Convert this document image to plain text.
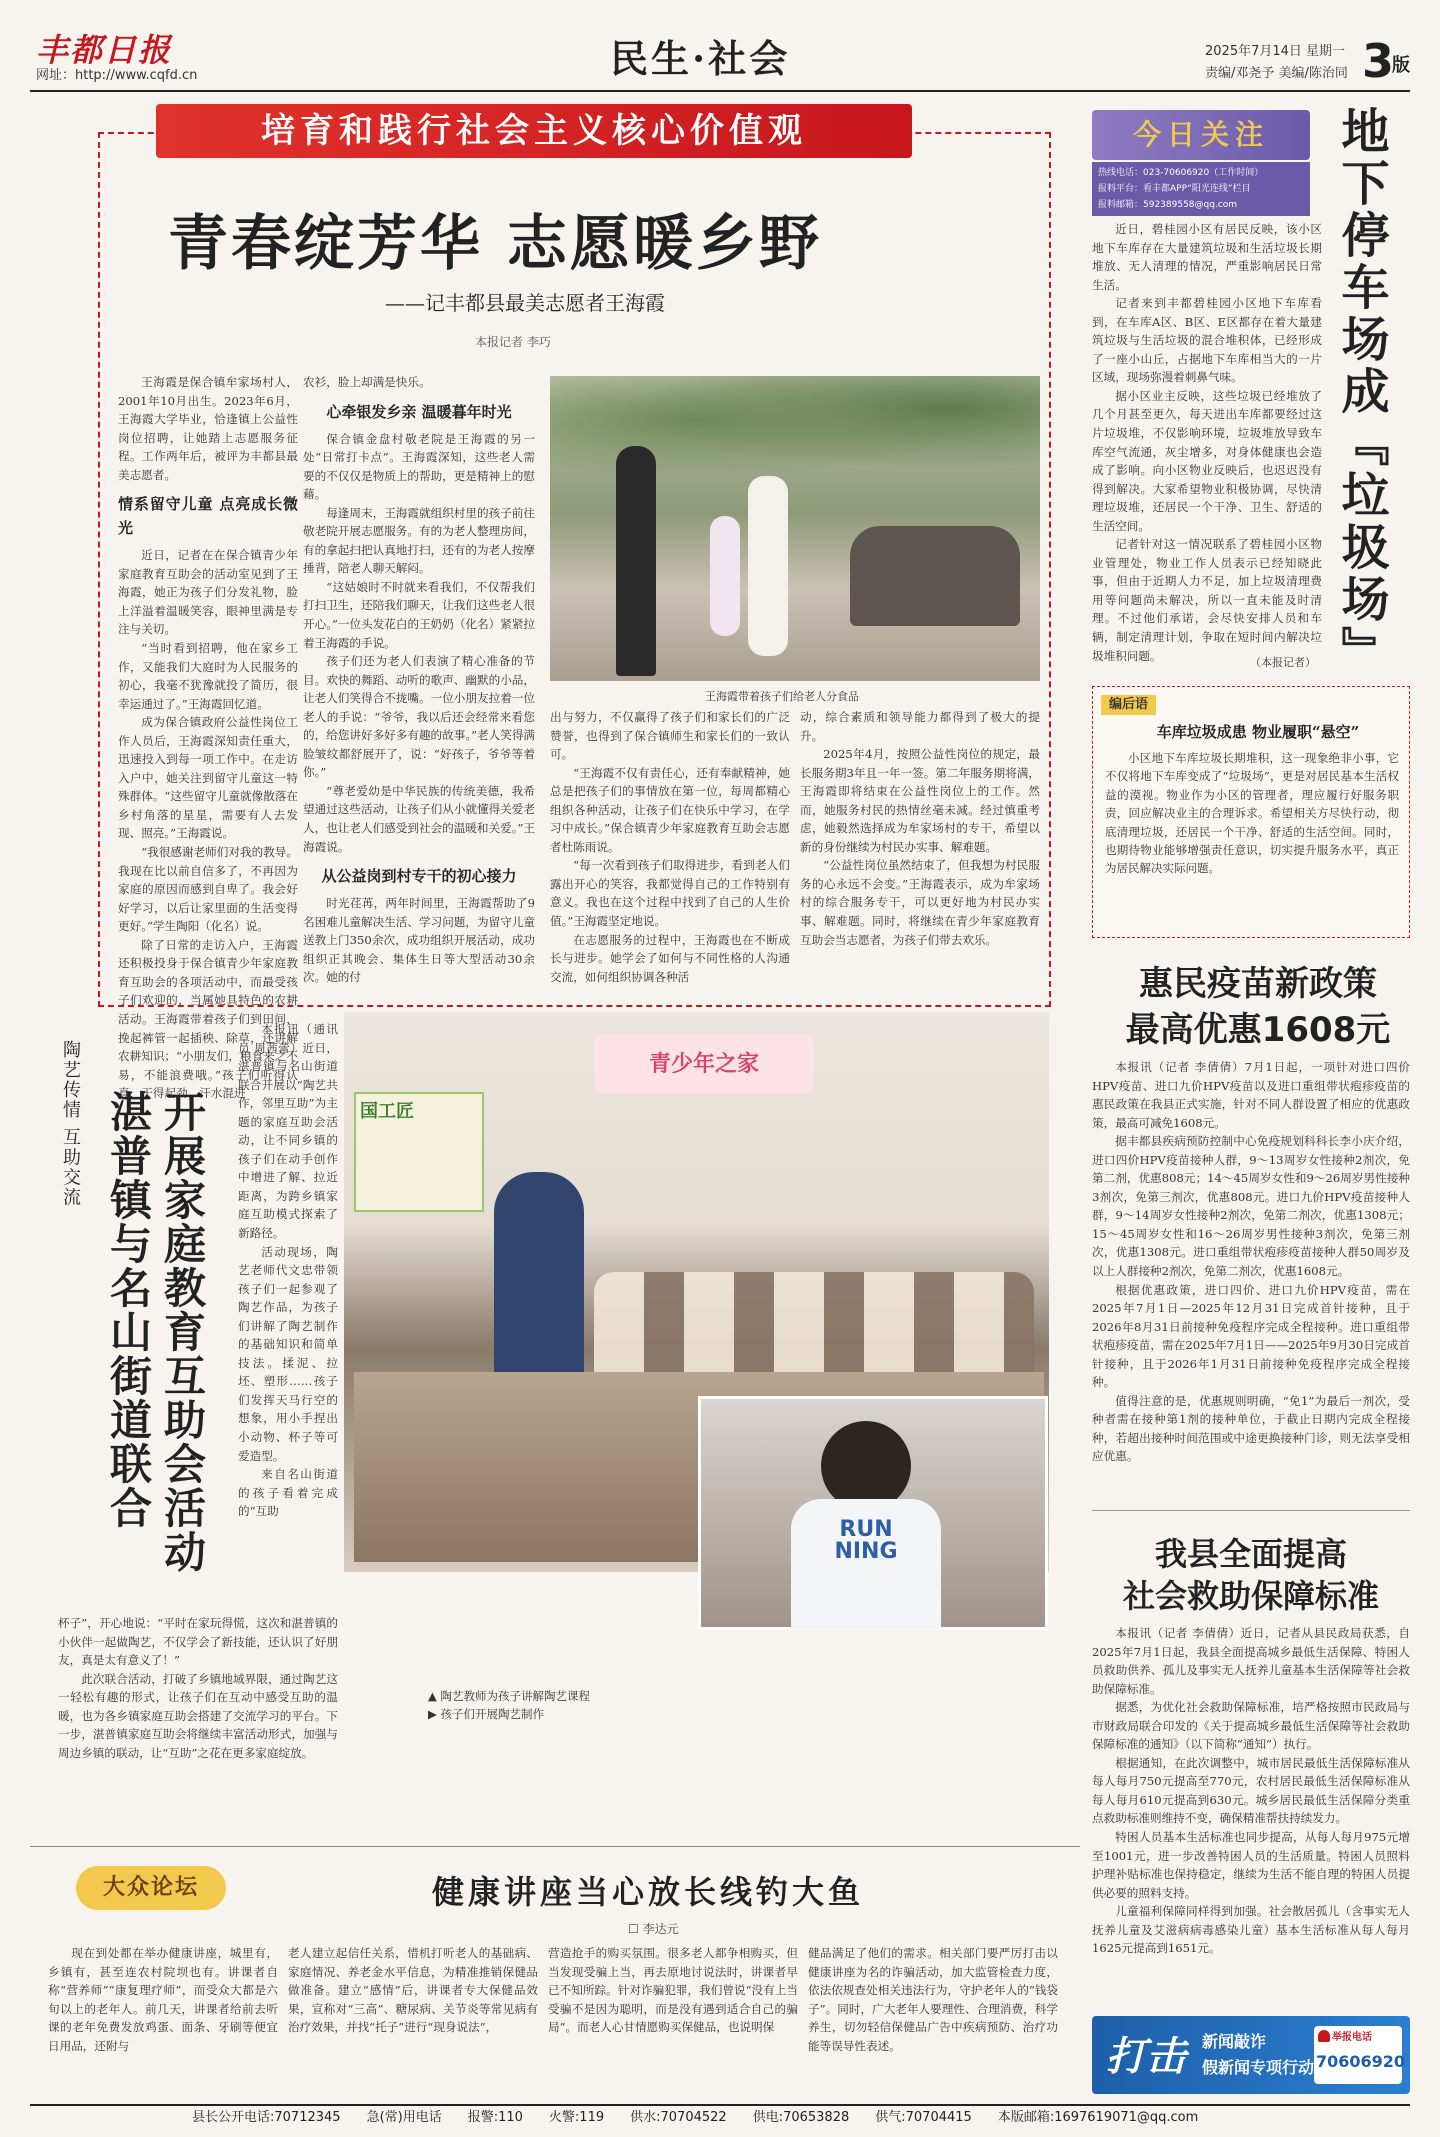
丰都日报
网址：http://www.cqfd.cn	民生·社会	2025年7月14日 星期一
责编/邓尧予 美编/陈治同 3
版
培育和践行社会主义核心价值观
青春绽芳华 志愿暖乡野
——记丰都县最美志愿者王海霞
本报记者 李巧
王海霞带着孩子们给老人分食品

王海霞是保合镇牟家场村人，2001年10月出生。2023年6月，王海霞大学毕业，恰逢镇上公益性岗位招聘，让她踏上志愿服务征程。工作两年后，被评为丰都县最美志愿者。

情系留守儿童 点亮成长微光

近日，记者在在保合镇青少年家庭教育互助会的活动室见到了王海霞，她正为孩子们分发礼物，脸上洋溢着温暖笑容，眼神里满是专注与关切。

“当时看到招聘，他在家乡工作，又能我们大庭时为人民服务的初心，我毫不犹豫就投了简历，很幸运通过了。”王海霞回忆道。

成为保合镇政府公益性岗位工作人员后，王海霞深知责任重大，迅速投入到每一项工作中。在走访入户中，她关注到留守儿童这一特殊群体。“这些留守儿童就像散落在乡村角落的星星，需要有人去发现、照亮。”王海霞说。

“我很感谢老师们对我的教导。我现在比以前自信多了，不再因为家庭的原因而感到自卑了。我会好好学习，以后让家里面的生活变得更好。”学生陶阳（化名）说。

除了日常的走访入户，王海霞还积极投身于保合镇青少年家庭教育互助会的各项活动中，而最受孩子们欢迎的，当属她具特色的农耕活动。王海霞带着孩子们到田间，挽起裤管一起插秧、除草，还讲解农耕知识；“小朋友们，粮食来之不易，不能浪费哦。”孩子们听得认真，干得起劲，汗水混进

农衫，脸上却满是快乐。

心牵银发乡亲 温暖暮年时光

保合镇金盘村敬老院是王海霞的另一处“日常打卡点”。王海霞深知，这些老人需要的不仅仅是物质上的帮助，更是精神上的慰藉。

每逢周末，王海霞就组织村里的孩子前往敬老院开展志愿服务。有的为老人整理房间，有的拿起扫把认真地打扫，还有的为老人按摩捶背，陪老人聊天解闷。

“这姑娘时不时就来看我们，不仅帮我们打扫卫生，还陪我们聊天，让我们这些老人很开心。”一位头发花白的王奶奶（化名）紧紧拉着王海霞的手说。

孩子们还为老人们表演了精心准备的节目。欢快的舞蹈、动听的歌声、幽默的小品，让老人们笑得合不拢嘴。一位小朋友拉着一位老人的手说：“爷爷，我以后还会经常来看您的，给您讲好多好多有趣的故事。”老人笑得满脸皱纹都舒展开了，说：“好孩子，爷爷等着你。”

“尊老爱幼是中华民族的传统美德，我希望通过这些活动，让孩子们从小就懂得关爱老人，也让老人们感受到社会的温暖和关爱。”王海霞说。

从公益岗到村专干的初心接力

时光荏苒，两年时间里，王海霞帮助了9名困难儿童解决生活、学习问题，为留守儿童送教上门350余次，成功组织开展活动，成功组织正其晚会、集体生日等大型活动30余次。她的付

出与努力，不仅赢得了孩子们和家长们的广泛赞誉，也得到了保合镇师生和家长们的一致认可。

“王海霞不仅有责任心，还有奉献精神，她总是把孩子们的事情放在第一位，每周都精心组织各种活动，让孩子们在快乐中学习，在学习中成长。”保合镇青少年家庭教育互助会志愿者杜陈雨说。

“每一次看到孩子们取得进步，看到老人们露出开心的笑容，我都觉得自己的工作特别有意义。我也在这个过程中找到了自己的人生价值。”王海霞坚定地说。

在志愿服务的过程中，王海霞也在不断成长与进步。她学会了如何与不同性格的人沟通交流，如何组织协调各种活

动，综合素质和领导能力都得到了极大的提升。

2025年4月，按照公益性岗位的规定，最长服务期3年且一年一签。第二年服务期将满，王海霞即将结束在公益性岗位上的工作。然而，她服务村民的热情丝毫未减。经过慎重考虑，她毅然选择成为牟家场村的专干，希望以新的身份继续为村民办实事、解难题。

“公益性岗位虽然结束了，但我想为村民服务的心永远不会变。”王海霞表示，成为牟家场村的综合服务专干，可以更好地为村民办实事、解难题。同时，将继续在青少年家庭教育互助会当志愿者，为孩子们带去欢乐。

今日关注
热线电话：023-70606920（工作时间）
报料平台：看丰都APP“阳光连线”栏目
报料邮箱：592389558@qq.com	地下停车场成『垃圾场』

近日，碧桂园小区有居民反映，该小区地下车库存在大量建筑垃圾和生活垃圾长期堆放、无人清理的情况，严重影响居民日常生活。

记者来到丰都碧桂园小区地下车库看到，在车库A区、B区、E区都存在着大量建筑垃圾与生活垃圾的混合堆积体，已经形成了一座小山丘，占据地下车库相当大的一片区域，现场弥漫着刺鼻气味。

据小区业主反映，这些垃圾已经堆放了几个月甚至更久，每天进出车库都要经过这片垃圾堆，不仅影响环境，垃圾堆放导致车库空气流通，灰尘增多，对身体健康也会造成了影响。向小区物业反映后，也迟迟没有得到解决。大家希望物业积极协调，尽快清理垃圾堆，还居民一个干净、卫生、舒适的生活空间。

记者针对这一情况联系了碧桂园小区物业管理处，物业工作人员表示已经知晓此事，但由于近期人力不足，加上垃圾清理费用等问题尚未解决，所以一直未能及时清理。不过他们承诺，会尽快安排人员和车辆，制定清理计划，争取在短时间内解决垃圾堆积问题。	（本报记者）
编后语
车库垃圾成患 物业履职“悬空”

小区地下车库垃圾长期堆积，这一现象绝非小事，它不仅将地下车库变成了“垃圾场”，更是对居民基本生活权益的漠视。物业作为小区的管理者，理应履行好服务职责，回应解决业主的合理诉求。希望相关方尽快行动，彻底清理垃圾，还居民一个干净、舒适的生活空间。同时，也期待物业能够增强责任意识，切实提升服务水平，真正为居民解决实际问题。

惠民疫苗新政策
最高优惠1608元

本报讯（记者 李倩倩）7月1日起，一项针对进口四价HPV疫苗、进口九价HPV疫苗以及进口重组带状疱疹疫苗的惠民政策在我县正式实施，针对不同人群设置了相应的优惠政策，最高可减免1608元。

据丰都县疾病预防控制中心免疫规划科科长李小庆介绍，进口四价HPV疫苗接种人群，9～13周岁女性接种2剂次，免第二剂，优惠808元；14～45周岁女性和9～26周岁男性接种3剂次，免第三剂次，优惠808元。进口九价HPV疫苗接种人群，9～14周岁女性接种2剂次，免第二剂次，优惠1308元；15～45周岁女性和16～26周岁男性接种3剂次，免第三剂次，优惠1308元。进口重组带状疱疹疫苗接种人群50周岁及以上人群接种2剂次，免第二剂次，优惠1608元。

根据优惠政策，进口四价、进口九价HPV疫苗，需在2025年7月1日—2025年12月31日完成首针接种，且于2026年8月31日前接种免疫程序完成全程接种。进口重组带状疱疹疫苗，需在2025年7月1日——2025年9月30日完成首针接种，且于2026年1月31日前接种免疫程序完成全程接种。

值得注意的是，优惠规则明确，“免1”为最后一剂次，受种者需在接种第1剂的接种单位，于截止日期内完成全程接种，若超出接种时间范围或中途更换接种门诊，则无法享受相应优惠。

我县全面提高
社会救助保障标准

本报讯（记者 李倩倩）近日，记者从县民政局获悉，自2025年7月1日起，我县全面提高城乡最低生活保障、特困人员救助供养、孤儿及事实无人抚养儿童基本生活保障等社会救助保障标准。

据悉，为优化社会救助保障标准，培严格按照市民政局与市财政局联合印发的《关于提高城乡最低生活保障等社会救助保障标准的通知》（以下简称“通知”）执行。

根据通知，在此次调整中，城市居民最低生活保障标准从每人每月750元提高至770元，农村居民最低生活保障标准从每人每月610元提高到630元。城乡居民最低生活保障分类重点救助标准则维持不变，确保精准帮扶持续发力。

特困人员基本生活标准也同步提高，从每人每月975元增至1001元，进一步改善特困人员的生活质量。特困人员照料护理补贴标准也保持稳定，继续为生活不能自理的特困人员提供必要的照料支持。

儿童福利保障同样得到加强。社会散居孤儿（含事实无人抚养儿童及艾滋病病毒感染儿童）基本生活标准从每人每月1625元提高到1651元。

陶艺传情 互助交流 开展家庭教育互助会活动
湛普镇与名山街道联合

本报讯（通讯员 周茜蕾）近日，湛普镇与名山街道联合开展以“陶艺共作，邻里互助”为主题的家庭互助会活动，让不同乡镇的孩子们在动手创作中增进了解、拉近距离，为跨乡镇家庭互助模式探索了新路径。

活动现场，陶艺老师代文忠带领孩子们一起参观了陶艺作品，为孩子们讲解了陶艺制作的基础知识和简单技法。揉泥、拉坯、塑形……孩子们发挥天马行空的想象，用小手捏出小动物、杯子等可爱造型。

来自名山街道的孩子看着完成的“互助

杯子”，开心地说：“平时在家玩得慌，这次和湛普镇的小伙伴一起做陶艺，不仅学会了新技能，还认识了好朋友，真是太有意义了！”

此次联合活动，打破了乡镇地域界限，通过陶艺这一轻松有趣的形式，让孩子们在互动中感受互助的温暖，也为各乡镇家庭互助会搭建了交流学习的平台。下一步，湛普镇家庭互助会将继续丰富活动形式，加强与周边乡镇的联动，让“互助”之花在更多家庭绽放。

青少年之家
国工匠
RUN NING
▲ 陶艺教师为孩子讲解陶艺课程
▶ 孩子们开展陶艺制作
大众论坛	健康讲座当心放长线钓大鱼
☐ 李达元

现在到处都在举办健康讲座，城里有，乡镇有，甚至连农村院坝也有。讲课者自称“营养师”“康复理疗师”，而受众大都是六旬以上的老年人。前几天，讲课者给前去听课的老年免费发放鸡蛋、面条、牙刷等便宜日用品，还附与

老人建立起信任关系，惜机打听老人的基础病、家庭情况、养老金水平信息，为精准推销保健品做准备。建立“感情”后，讲课者专大保健品效果，宣称对“三高”、糖尿病、关节炎等常见病有治疗效果，并找“托子”进行“现身说法”，

营造抢手的购买氛围。很多老人都争相购买，但当发现受骗上当，再去原地讨说法时，讲课者早已不知所踪。针对诈骗犯罪，我们曾说“没有上当受骗不是因为聪明，而是没有遇到适合自己的骗局”。而老人心甘情愿购买保健品，也说明保

健品满足了他们的需求。相关部门要严厉打击以健康讲座为名的诈骗活动，加大监管检查力度，依法依规查处相关违法行为，守护老年人的“钱袋子”。同时，广大老年人要理性、合理消费，科学养生，切勿轻信保健品广告中疾病预防、治疗功能等误导性表述。	打击 新闻敲诈
假新闻专项行动
举报电话
70606920
县长公开电话:70712345 急(常)用电话 报警:110 火警:119 供水:70704522 供电:70653828 供气:70704415 本版邮箱:1697619071@qq.com
